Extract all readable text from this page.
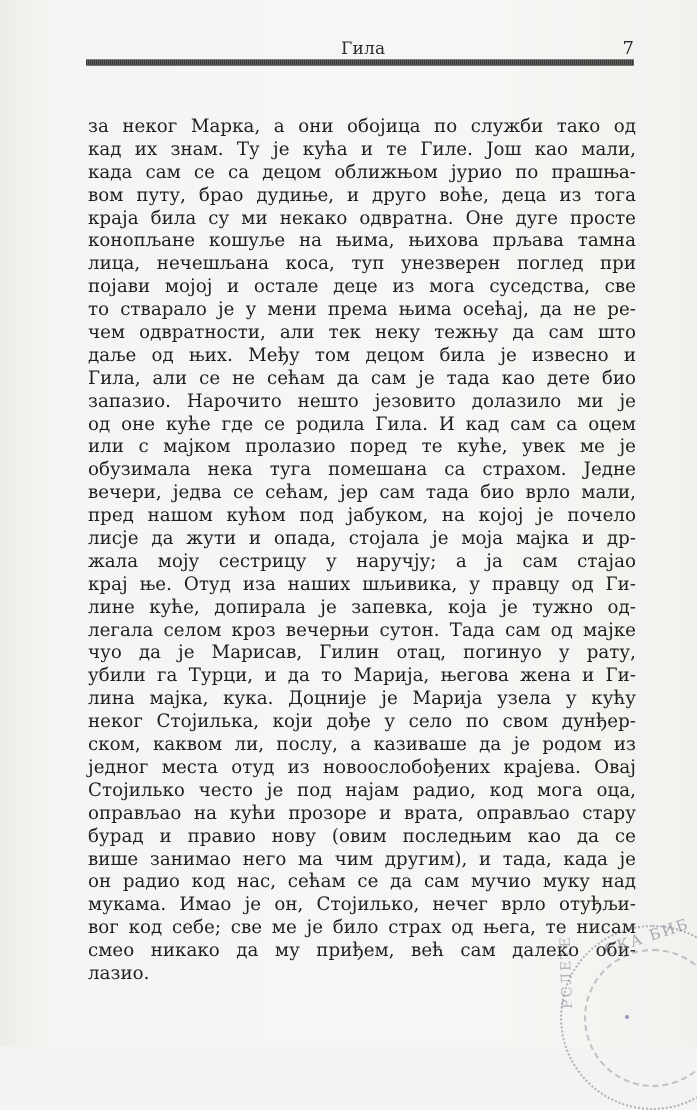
Гила	7
за неког Марка, а они обојица по служби тако од
кад их знам. Ту је кућа и те Гиле. Још као мали,
када сам се са децом оближњом јурио по прашња-
вом путу, брао дудиње, и друго воће, деца из тога
краја била су ми некако одвратна. Оне дуге просте
конопљане кошуље на њима, њихова прљава тамна
лица, нечешљана коса, туп унезверен поглед при
појави мојој и остале деце из мога суседства, све
то стварало је у мени према њима осећај, да не ре-
чем одвратности, али тек неку тежњу да сам што
даље од њих. Међу том децом била је извесно и
Гила, али се не сећам да сам је тада као дете био
запазио. Нарочито нешто језовито долазило ми је
од оне куће где се родила Гила. И кад сам са оцем
или с мајком пролазио поред те куће, увек ме је
обузимала нека туга помешана са страхом. Једне
вечери, једва се сећам, јер сам тада био врло мали,
пред нашом кућом под јабуком, на којој је почело
лисје да жути и опада, стојала је моја мајка и др-
жала моју сестрицу у наручју; а ја сам стајао
крај ње. Отуд иза наших шљивика, у правцу од Ги-
лине куће, допирала је запевка, која је тужно од-
легала селом кроз вечерњи сутон. Тада сам од мајке
чуо да је Марисав, Гилин отац, погинуо у рату,
убили га Турци, и да то Марија, његова жена и Ги-
лина мајка, кука. Доцније је Марија узела у кућу
неког Стојилька, који дође у село по свом дунђер-
ском, каквом ли, послу, а казиваше да је родом из
једног места отуд из новоослобођених крајева. Овај
Стојилько често је под најам радио, код мога оца,
оправљао на кући прозоре и врата, оправљао стару
бурад и правио нову (овим последњим као да се
више занимао него ма чим другим), и тада, када је
он радио код нас, сећам се да сам мучио муку над
мукама. Имао је он, Стојилько, нечег врло отуђљи-
вог код себе; све ме је било страх од њега, те нисам
смео никако да му приђем, већ сам далеко оби-
лазио.
СКА БИБ
РСЛЕТЕ
